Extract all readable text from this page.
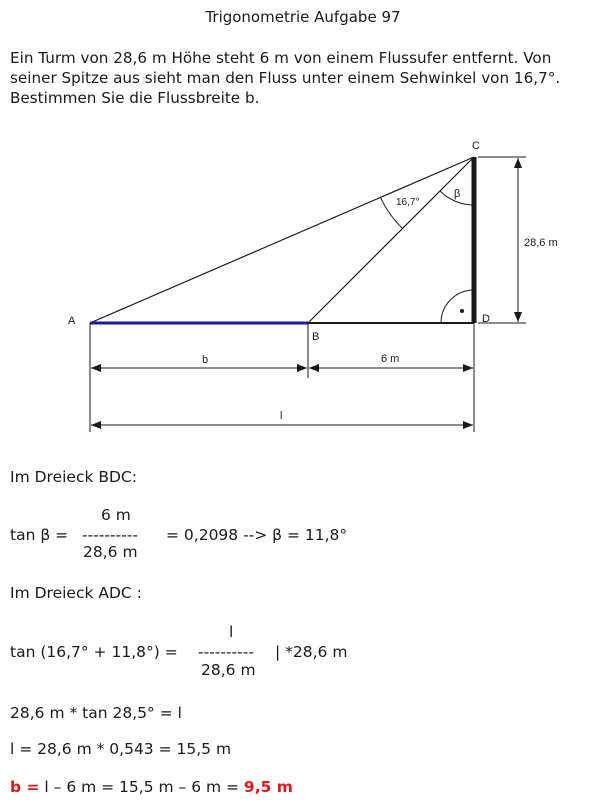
Trigonometrie Aufgabe 97
Ein Turm von 28,6 m Höhe steht 6 m von einem Flussufer entfernt. Von
seiner Spitze aus sieht man den Fluss unter einem Sehwinkel von 16,7°.
Bestimmen Sie die Flussbreite b.
A
B
C
D
16,7°
β
28,6 m
b	6 m
l
Im Dreieck BDC:
6 m
tan β = ---------- = 0,2098 --> β = 11,8°
28,6 m
Im Dreieck ADC :
l
tan (16,7° + 11,8°) = ---------- | *28,6 m
28,6 m
28,6 m * tan 28,5° = l
l = 28,6 m * 0,543 = 15,5 m
b = l – 6 m = 15,5 m – 6 m = 9,5 m
